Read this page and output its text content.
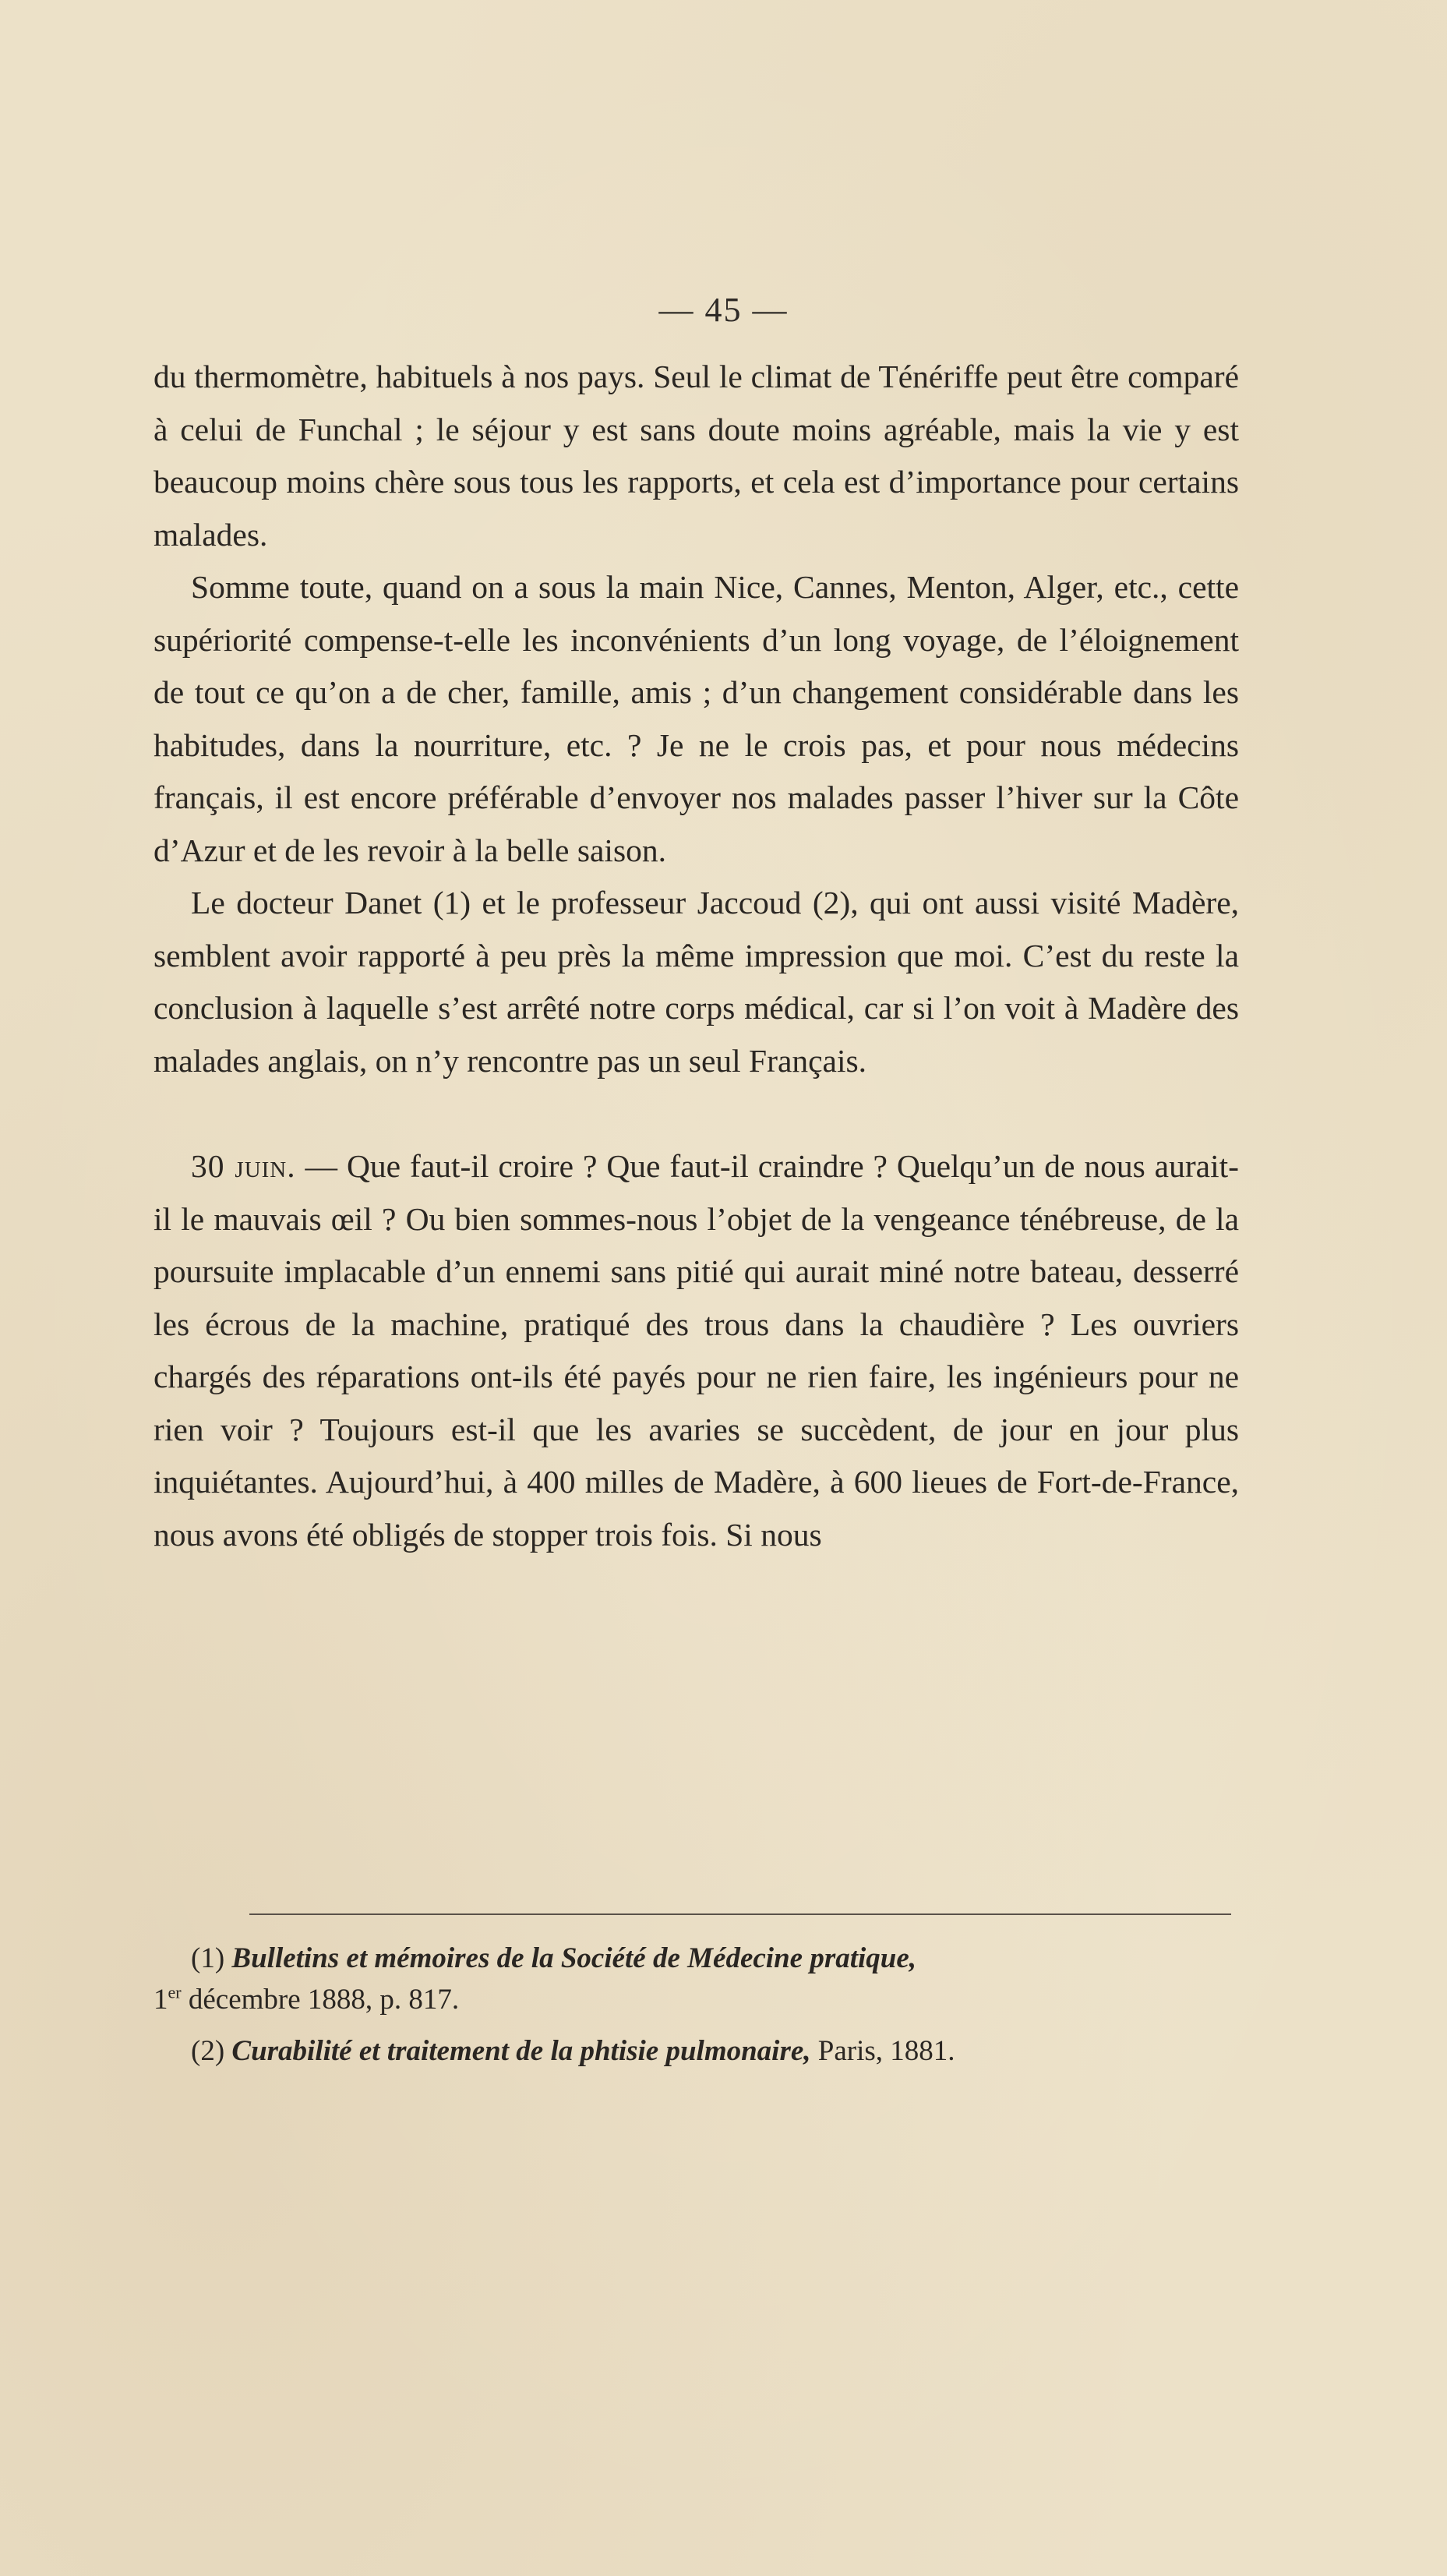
— 45 —

du thermomètre, habituels à nos pays. Seul le climat de Ténériffe peut être comparé à celui de Funchal ; le séjour y est sans doute moins agréable, mais la vie y est beaucoup moins chère sous tous les rapports, et cela est d’importance pour certains malades.

Somme toute, quand on a sous la main Nice, Cannes, Menton, Alger, etc., cette supériorité compense-t-elle les inconvénients d’un long voyage, de l’éloignement de tout ce qu’on a de cher, famille, amis ; d’un changement considérable dans les habitudes, dans la nourriture, etc. ? Je ne le crois pas, et pour nous médecins français, il est encore préférable d’envoyer nos malades passer l’hiver sur la Côte d’Azur et de les revoir à la belle saison.

Le docteur Danet (1) et le professeur Jaccoud (2), qui ont aussi visité Madère, semblent avoir rapporté à peu près la même impression que moi. C’est du reste la conclusion à laquelle s’est arrêté notre corps médical, car si l’on voit à Madère des malades anglais, on n’y rencontre pas un seul Français.

30 juin. — Que faut-il croire ? Que faut-il craindre ? Quelqu’un de nous aurait-il le mauvais œil ? Ou bien sommes-nous l’objet de la vengeance ténébreuse, de la poursuite implacable d’un ennemi sans pitié qui aurait miné notre bateau, desserré les écrous de la machine, pratiqué des trous dans la chaudière ? Les ouvriers chargés des réparations ont-ils été payés pour ne rien faire, les ingénieurs pour ne rien voir ? Toujours est-il que les avaries se succèdent, de jour en jour plus inquiétantes. Aujourd’hui, à 400 milles de Madère, à 600 lieues de Fort-de-France, nous avons été obligés de stopper trois fois. Si nous

(1) Bulletins et mémoires de la Société de Médecine pratique,
1er décembre 1888, p. 817.

(2) Curabilité et traitement de la phtisie pulmonaire, Paris, 1881.
